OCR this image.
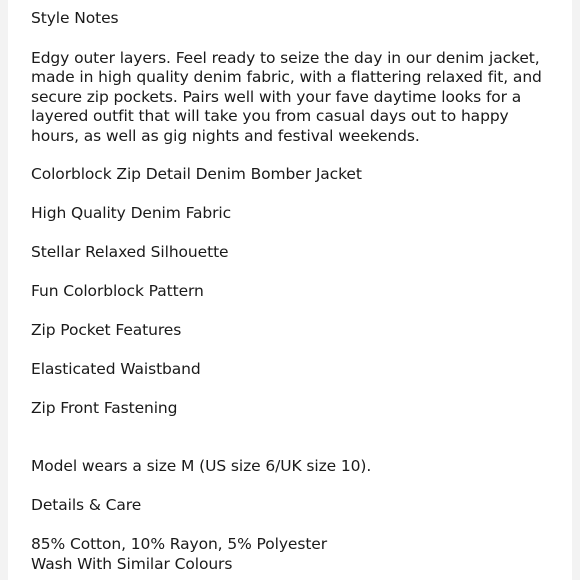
Style Notes

Edgy outer layers. Feel ready to seize the day in our denim jacket, made in high quality denim fabric, with a flattering relaxed fit, and secure zip pockets. Pairs well with your fave daytime looks for a layered outfit that will take you from casual days out to happy hours, as well as gig nights and festival weekends.

Colorblock Zip Detail Denim Bomber Jacket

High Quality Denim Fabric

Stellar Relaxed Silhouette

Fun Colorblock Pattern

Zip Pocket Features

Elasticated Waistband

Zip Front Fastening

Model wears a size M (US size 6/UK size 10).

Details & Care

85% Cotton, 10% Rayon, 5% Polyester

Wash With Similar Colours
